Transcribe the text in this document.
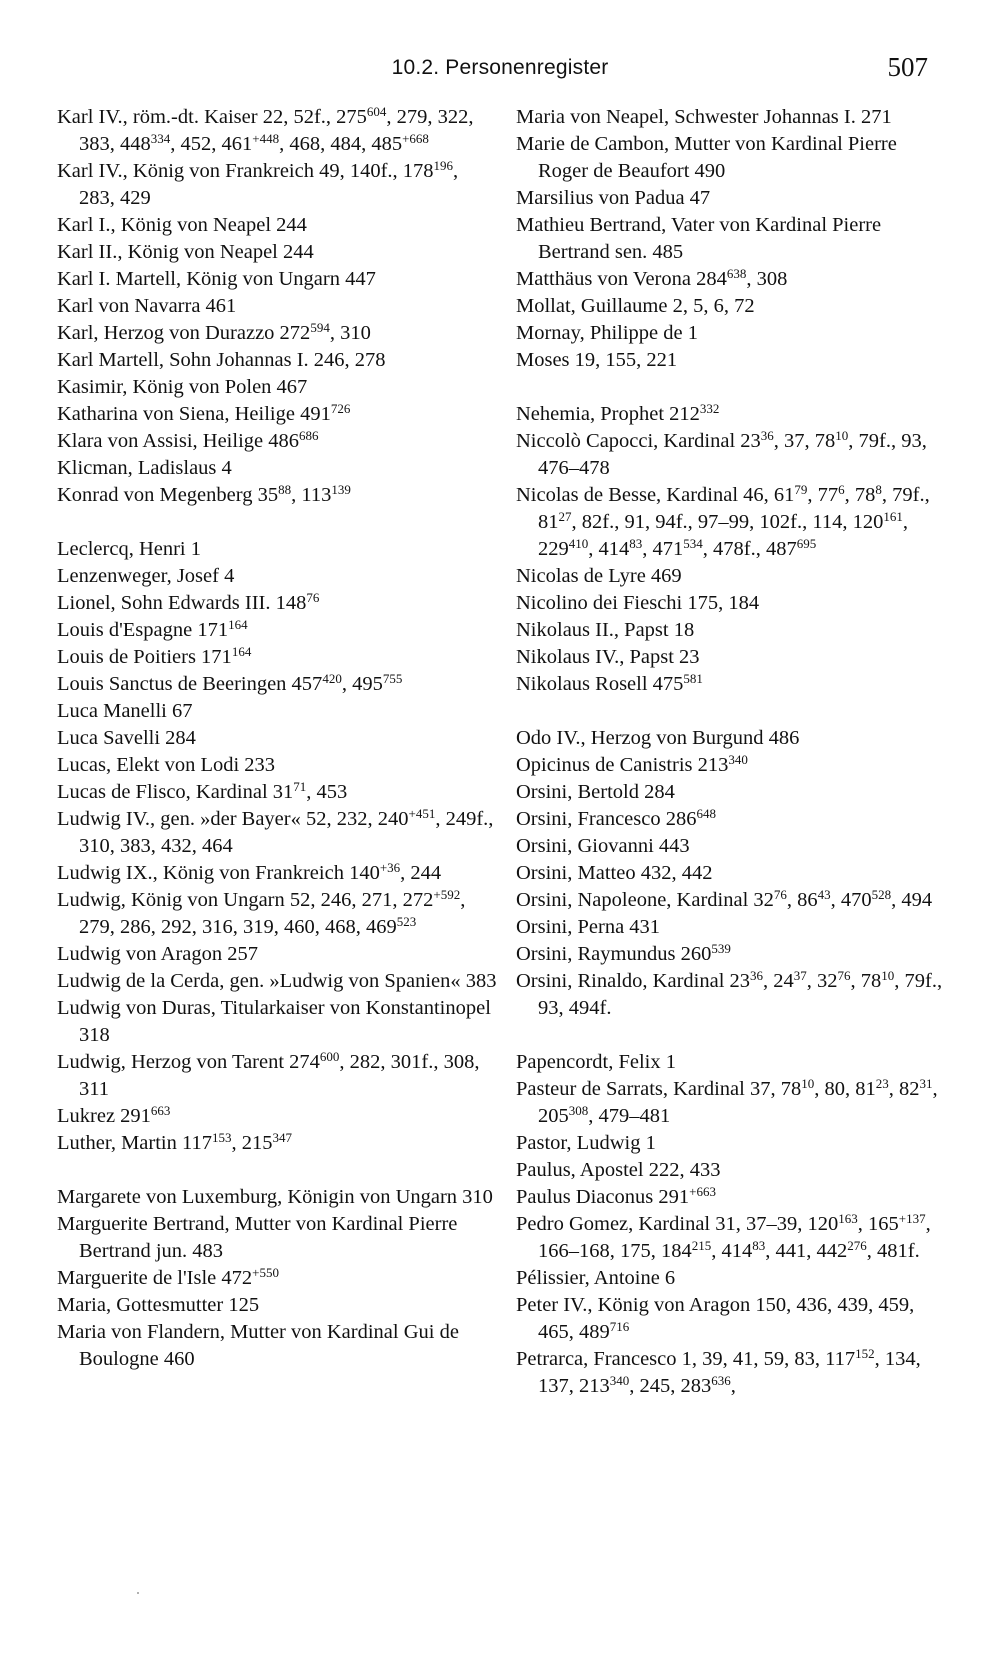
10.2. Personenregister	507
Karl IV., röm.-dt. Kaiser 22, 52f., $275^{604}$, 279, 322, 383, $448^{334}$, 452, $461^{+448}$, 468, 484, $485^{+668}$
Karl IV., König von Frankreich 49, 140f., $178^{196}$, 283, 429
Karl I., König von Neapel 244
Karl II., König von Neapel 244
Karl I. Martell, König von Ungarn 447
Karl von Navarra 461
Karl, Herzog von Durazzo $272^{594}$, 310
Karl Martell, Sohn Johannas I. 246, 278
Kasimir, König von Polen 467
Katharina von Siena, Heilige $491^{726}$
Klara von Assisi, Heilige $486^{686}$
Klicman, Ladislaus 4
Konrad von Megenberg $35^{88}$, $113^{139}$
Leclercq, Henri 1
Lenzenweger, Josef 4
Lionel, Sohn Edwards III. $148^{76}$
Louis d'Espagne $171^{164}$
Louis de Poitiers $171^{164}$
Louis Sanctus de Beeringen $457^{420}$, $495^{755}$
Luca Manelli 67
Luca Savelli 284
Lucas, Elekt von Lodi 233
Lucas de Flisco, Kardinal $31^{71}$, 453
Ludwig IV., gen. »der Bayer« 52, 232, $240^{+451}$, 249f., 310, 383, 432, 464
Ludwig IX., König von Frankreich $140^{+36}$, 244
Ludwig, König von Ungarn 52, 246, 271, $272^{+592}$, 279, 286, 292, 316, 319, 460, 468, $469^{523}$
Ludwig von Aragon 257
Ludwig de la Cerda, gen. »Ludwig von Spanien« 383
Ludwig von Duras, Titularkaiser von Konstantinopel 318
Ludwig, Herzog von Tarent $274^{600}$, 282, 301f., 308, 311
Lukrez $291^{663}$
Luther, Martin $117^{153}$, $215^{347}$
Margarete von Luxemburg, Königin von Ungarn 310
Marguerite Bertrand, Mutter von Kardinal Pierre Bertrand jun. 483
Marguerite de l'Isle $472^{+550}$
Maria, Gottesmutter 125
Maria von Flandern, Mutter von Kardinal Gui de Boulogne 460
Maria von Neapel, Schwester Johannas I. 271
Marie de Cambon, Mutter von Kardinal Pierre Roger de Beaufort 490
Marsilius von Padua 47
Mathieu Bertrand, Vater von Kardinal Pierre Bertrand sen. 485
Matthäus von Verona $284^{638}$, 308
Mollat, Guillaume 2, 5, 6, 72
Mornay, Philippe de 1
Moses 19, 155, 221
Nehemia, Prophet $212^{332}$
Niccolò Capocci, Kardinal $23^{36}$, 37, $78^{10}$, 79f., 93, 476–478
Nicolas de Besse, Kardinal 46, $61^{79}$, $77^6$, $78^8$, 79f., $81^{27}$, 82f., 91, 94f., 97–99, 102f., 114, $120^{161}$, $229^{410}$, $414^{83}$, $471^{534}$, 478f., $487^{695}$
Nicolas de Lyre 469
Nicolino dei Fieschi 175, 184
Nikolaus II., Papst 18
Nikolaus IV., Papst 23
Nikolaus Rosell $475^{581}$
Odo IV., Herzog von Burgund 486
Opicinus de Canistris $213^{340}$
Orsini, Bertold 284
Orsini, Francesco $286^{648}$
Orsini, Giovanni 443
Orsini, Matteo 432, 442
Orsini, Napoleone, Kardinal $32^{76}$, $86^{43}$, $470^{528}$, 494
Orsini, Perna 431
Orsini, Raymundus $260^{539}$
Orsini, Rinaldo, Kardinal $23^{36}$, $24^{37}$, $32^{76}$, $78^{10}$, 79f., 93, 494f.
Papencordt, Felix 1
Pasteur de Sarrats, Kardinal 37, $78^{10}$, 80, $81^{23}$, $82^{31}$, $205^{308}$, 479–481
Pastor, Ludwig 1
Paulus, Apostel 222, 433
Paulus Diaconus $291^{+663}$
Pedro Gomez, Kardinal 31, 37–39, $120^{163}$, $165^{+137}$, 166–168, 175, $184^{215}$, $414^{83}$, 441, $442^{276}$, 481f.
Pélissier, Antoine 6
Peter IV., König von Aragon 150, 436, 439, 459, 465, $489^{716}$
Petrarca, Francesco 1, 39, 41, 59, 83, $117^{152}$, 134, 137, $213^{340}$, 245, $283^{636}$,
